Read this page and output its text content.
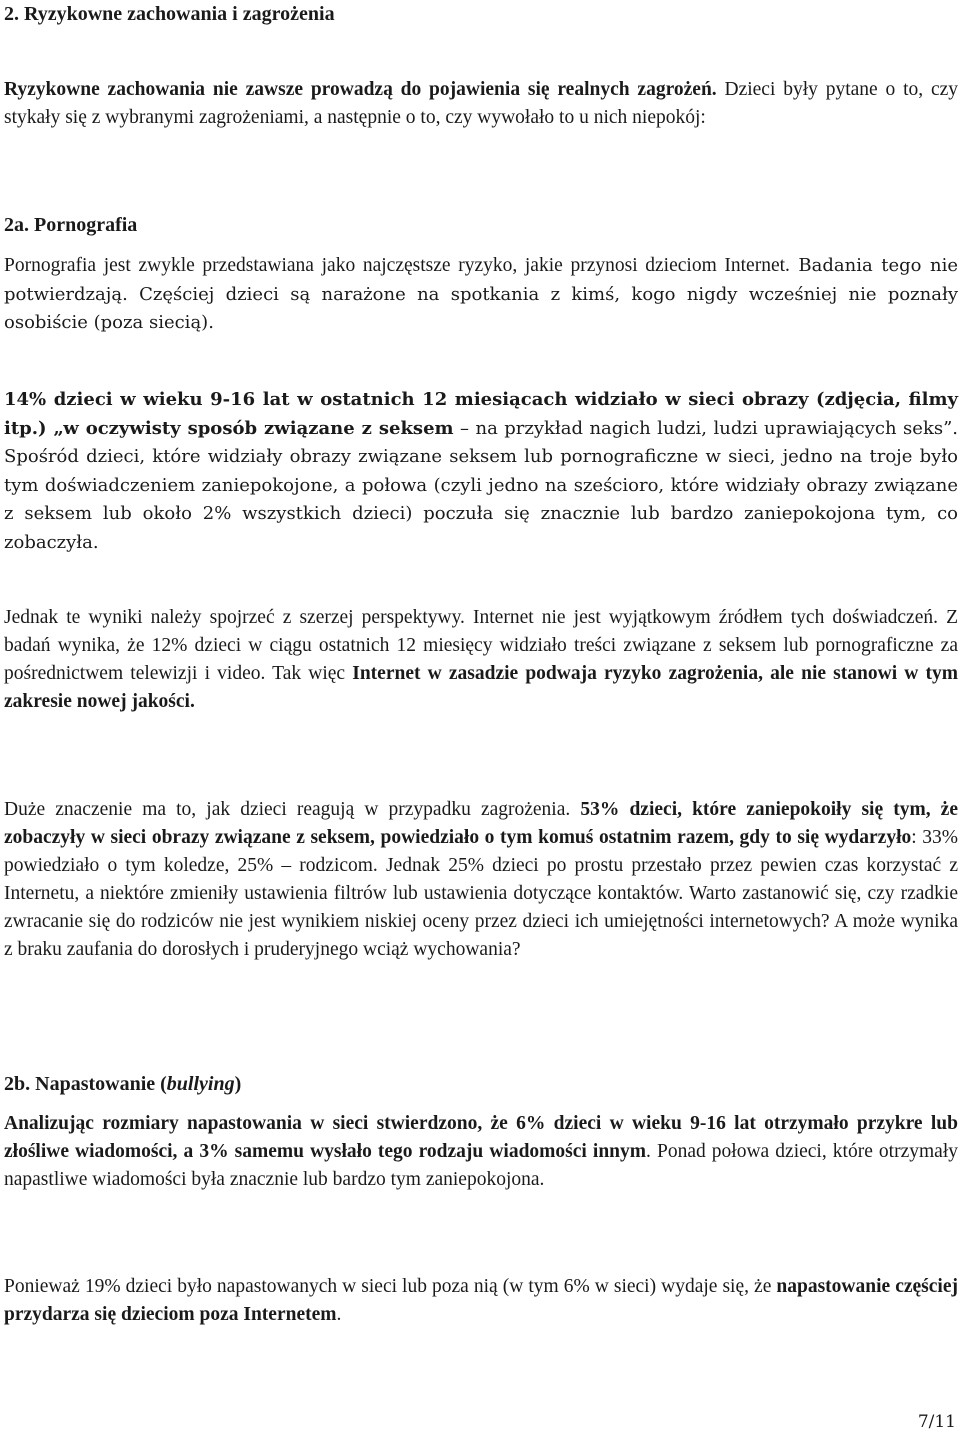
2. Ryzykowne zachowania i zagrożenia

Ryzykowne zachowania nie zawsze prowadzą do pojawienia się realnych zagrożeń. Dzieci były pytane o to, czy stykały się z wybranymi zagrożeniami, a następnie o to, czy wywołało to u nich niepokój:

2a. Pornografia

Pornografia jest zwykle przedstawiana jako najczęstsze ryzyko, jakie przynosi dzieciom Internet. Badania tego nie potwierdzają. Częściej dzieci są narażone na spotkania z kimś, kogo nigdy wcześniej nie poznały osobiście (poza siecią).

14% dzieci w wieku 9-16 lat w ostatnich 12 miesiącach widziało w sieci obrazy (zdjęcia, filmy itp.) „w oczywisty sposób związane z seksem – na przykład nagich ludzi, ludzi uprawiających seks”. Spośród dzieci, które widziały obrazy związane seksem lub pornograficzne w sieci, jedno na troje było tym doświadczeniem zaniepokojone, a połowa (czyli jedno na sześcioro, które widziały obrazy związane z seksem lub około 2% wszystkich dzieci) poczuła się znacznie lub bardzo zaniepokojona tym, co zobaczyła.

Jednak te wyniki należy spojrzeć z szerzej perspektywy. Internet nie jest wyjątkowym źródłem tych doświadczeń. Z badań wynika, że 12% dzieci w ciągu ostatnich 12 miesięcy widziało treści związane z seksem lub pornograficzne za pośrednictwem telewizji i video. Tak więc Internet w zasadzie podwaja ryzyko zagrożenia, ale nie stanowi w tym zakresie nowej jakości.

Duże znaczenie ma to, jak dzieci reagują w przypadku zagrożenia. 53% dzieci, które zaniepokoiły się tym, że zobaczyły w sieci obrazy związane z seksem, powiedziało o tym komuś ostatnim razem, gdy to się wydarzyło: 33% powiedziało o tym koledze, 25% – rodzicom. Jednak 25% dzieci po prostu przestało przez pewien czas korzystać z Internetu, a niektóre zmieniły ustawienia filtrów lub ustawienia dotyczące kontaktów. Warto zastanowić się, czy rzadkie zwracanie się do rodziców nie jest wynikiem niskiej oceny przez dzieci ich umiejętności internetowych? A może wynika z braku zaufania do dorosłych i pruderyjnego wciąż wychowania?

2b. Napastowanie (bullying)

Analizując rozmiary napastowania w sieci stwierdzono, że 6% dzieci w wieku 9-16 lat otrzymało przykre lub złośliwe wiadomości, a 3% samemu wysłało tego rodzaju wiadomości innym. Ponad połowa dzieci, które otrzymały napastliwe wiadomości była znacznie lub bardzo tym zaniepokojona.

Ponieważ 19% dzieci było napastowanych w sieci lub poza nią (w tym 6% w sieci) wydaje się, że napastowanie częściej przydarza się dzieciom poza Internetem.

7/11
